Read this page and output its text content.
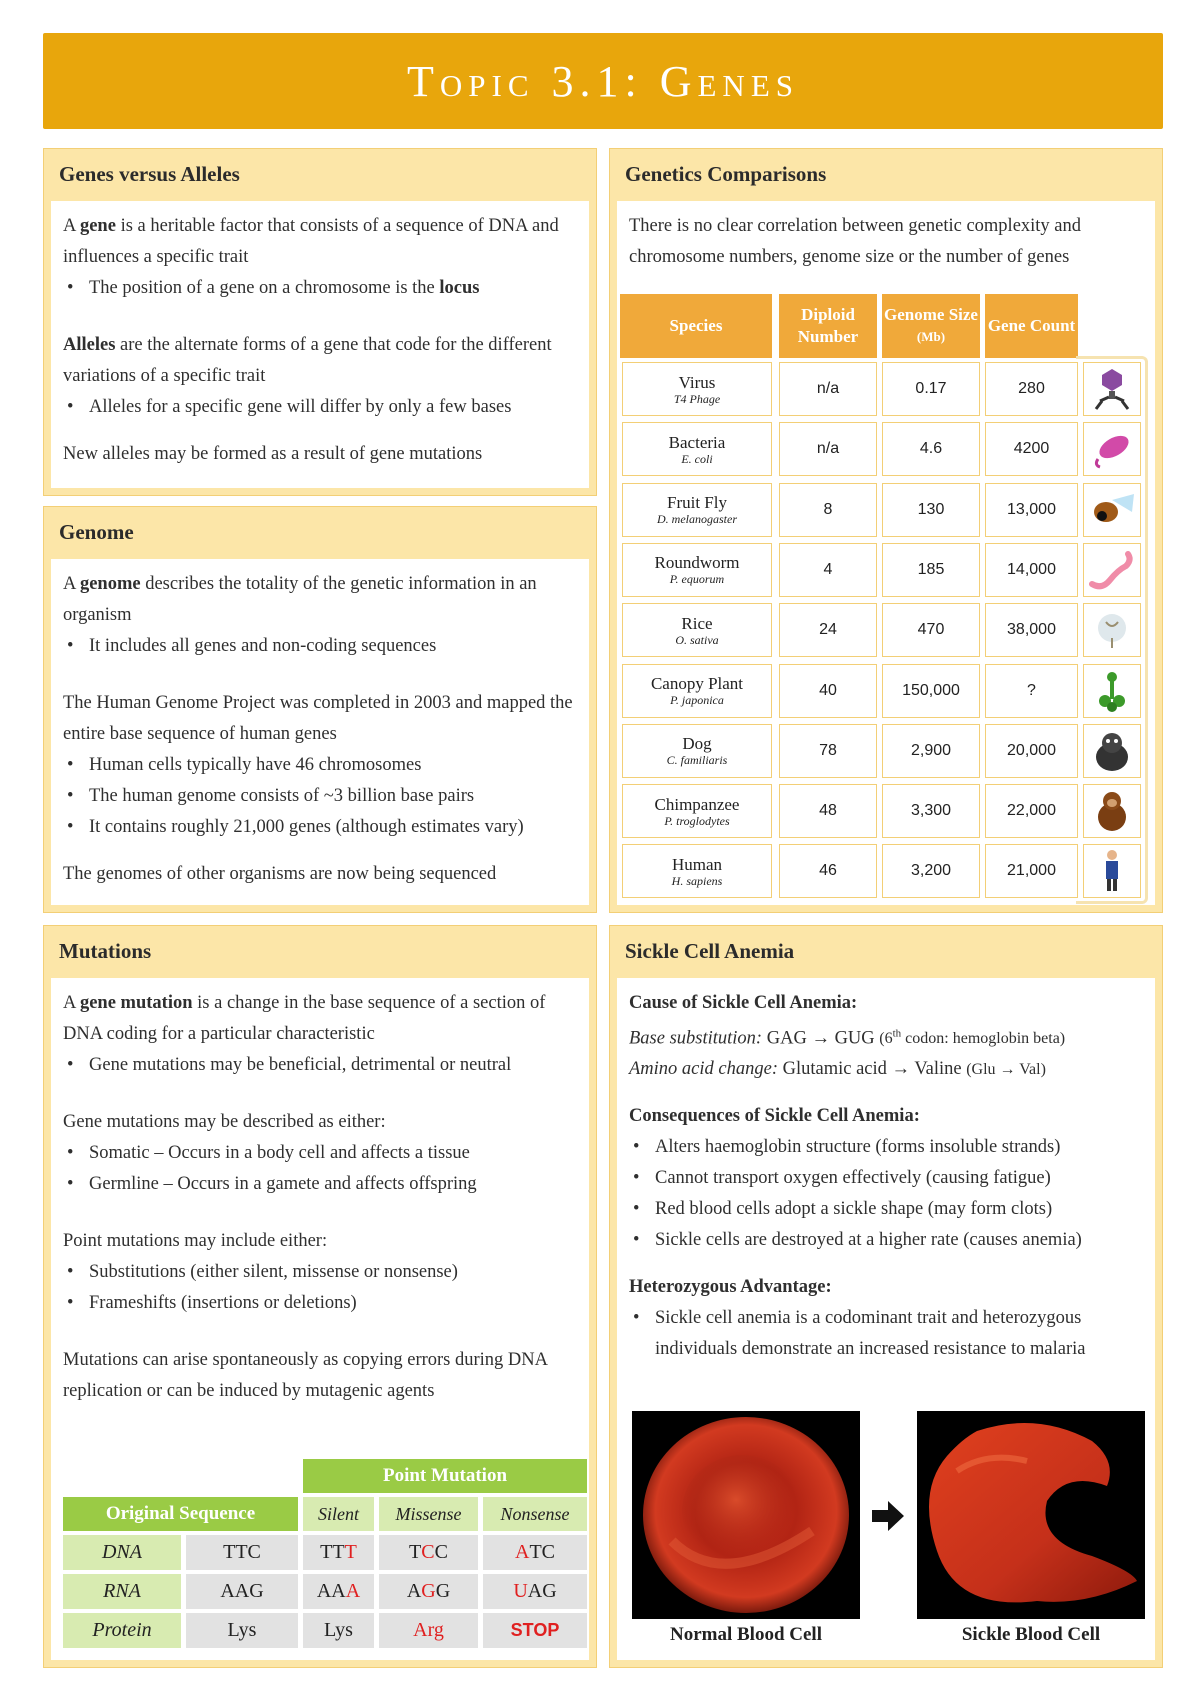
Topic 3.1: Genes
Genes versus Alleles

A gene is a heritable factor that consists of a sequence of DNA and influences a specific trait

• The position of a gene on a chromosome is the locus

Alleles are the alternate forms of a gene that code for the different variations of a specific trait

• Alleles for a specific gene will differ by only a few bases

New alleles may be formed as a result of gene mutations

Genome

A genome describes the totality of the genetic information in an organism

• It includes all genes and non-coding sequences

The Human Genome Project was completed in 2003 and mapped the entire base sequence of human genes

• Human cells typically have 46 chromosomes
• The human genome consists of ~3 billion base pairs
• It contains roughly 21,000 genes (although estimates vary)

The genomes of other organisms are now being sequenced

Genetics Comparisons

There is no clear correlation between genetic complexity and chromosome numbers, genome size or the number of genes

Species
Diploid Number
Genome Size
(Mb)
Gene Count
Virus
T4 Phage
n/a	0.17	280
Bacteria
E. coli
n/a	4.6	4200
Fruit Fly
D. melanogaster
8	130	13,000
Roundworm
P. equorum
4	185	14,000
Rice
O. sativa
24	470	38,000
Canopy Plant
P. japonica
40	150,000	?
Dog
C. familiaris
78	2,900	20,000
Chimpanzee
P. troglodytes
48	3,300	22,000
Human
H. sapiens
46	3,200	21,000
Mutations

A gene mutation is a change in the base sequence of a section of DNA coding for a particular characteristic

• Gene mutations may be beneficial, detrimental or neutral

Gene mutations may be described as either:

• Somatic – Occurs in a body cell and affects a tissue
• Germline – Occurs in a gamete and affects offspring

Point mutations may include either:

• Substitutions (either silent, missense or nonsense)
• Frameshifts (insertions or deletions)

Mutations can arise spontaneously as copying errors during DNA replication or can be induced by mutagenic agents

Point Mutation
Original Sequence	Silent	Missense	Nonsense
DNA	TTC	TT T	T C C	A TC
RNA	AAG	AA A A G G	U AG
Protein	Lys	Lys	Arg	STOP
Sickle Cell Anemia

Cause of Sickle Cell Anemia:

Base substitution: GAG → GUG (6th codon: hemoglobin beta)

Amino acid change: Glutamic acid → Valine (Glu → Val)

Consequences of Sickle Cell Anemia:

• Alters haemoglobin structure (forms insoluble strands)
• Cannot transport oxygen effectively (causing fatigue)
• Red blood cells adopt a sickle shape (may form clots)
• Sickle cells are destroyed at a higher rate (causes anemia)

Heterozygous Advantage:

• Sickle cell anemia is a codominant trait and heterozygous individuals demonstrate an increased resistance to malaria
Normal Blood Cell	Sickle Blood Cell
